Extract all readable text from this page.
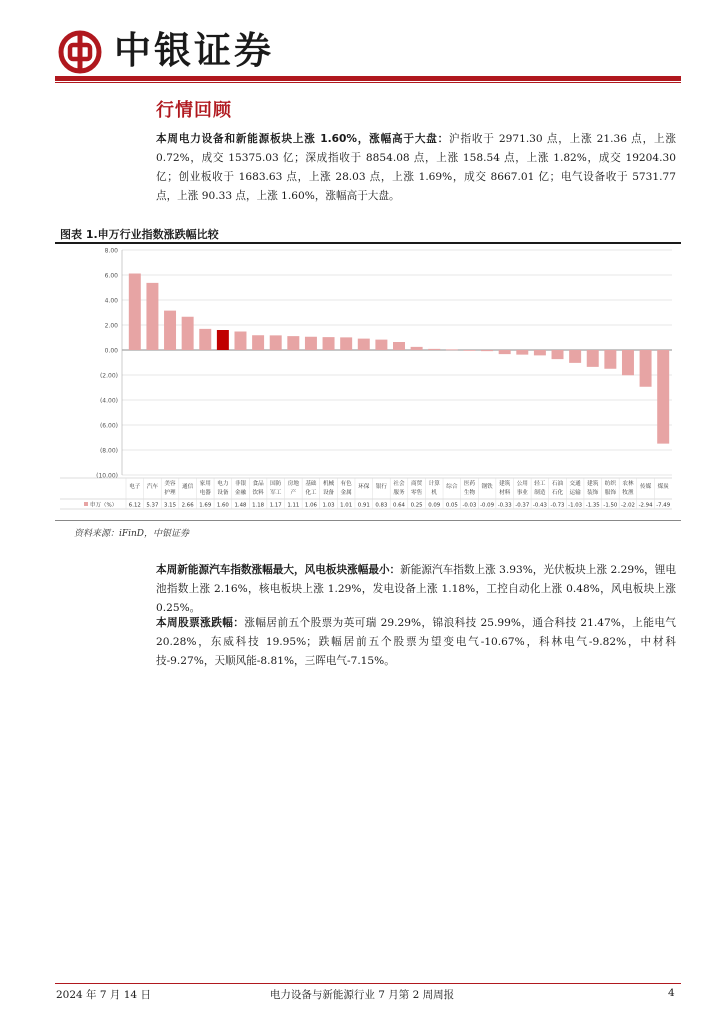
中银证券
行情回顾
本周电力设备和新能源板块上涨 1.60%，涨幅高于大盘：沪指收于 2971.30 点，上涨 21.36 点，上涨 0.72%，成交 15375.03 亿；深成指收于 8854.08 点，上涨 158.54 点，上涨 1.82%，成交 19204.30 亿；创业板收于 1683.63 点，上涨 28.03 点，上涨 1.69%，成交 8667.01 亿；电气设备收于 5731.77 点，上涨 90.33 点，上涨 1.60%，涨幅高于大盘。
图表 1.申万行业指数涨跌幅比较
8.00
6.00
4.00
2.00
0.00
(2.00)
(4.00)
(6.00)
(8.00)
(10.00)
申万（%）
电子
6.12
汽车
5.37
美容
护理
3.15
通信
2.66
家用
电器
1.69
电力
设备
1.60
非银
金融
1.48
食品
饮料
1.18
国防
军工
1.17
房地
产
1.11
基础
化工
1.06
机械
设备
1.03
有色
金属
1.01
环保
0.91
银行
0.83
社会
服务
0.64
商贸
零售
0.25
计算
机
0.09
综合
0.05
医药
生物
-0.03
钢铁
-0.09
建筑
材料
-0.33
公用
事业
-0.37
轻工
制造
-0.43
石油
石化
-0.73
交通
运输
-1.03
建筑
装饰
-1.35
纺织
服饰
-1.50
农林
牧渔
-2.02
传媒
-2.94
煤炭
-7.49
资料来源：iFinD，中银证券
本周新能源汽车指数涨幅最大，风电板块涨幅最小：新能源汽车指数上涨 3.93%，光伏板块上涨 2.29%，锂电池指数上涨 2.16%，核电板块上涨 1.29%，发电设备上涨 1.18%，工控自动化上涨 0.48%，风电板块上涨 0.25%。
本周股票涨跌幅：涨幅居前五个股票为英可瑞 29.29%，锦浪科技 25.99%，通合科技 21.47%，上能电气 20.28%，东威科技 19.95%；跌幅居前五个股票为望变电气-10.67%，科林电气-9.82%，中材科技-9.27%，天顺风能-8.81%，三晖电气-7.15%。
2024 年 7 月 14 日	电力设备与新能源行业 7 月第 2 周周报	4
